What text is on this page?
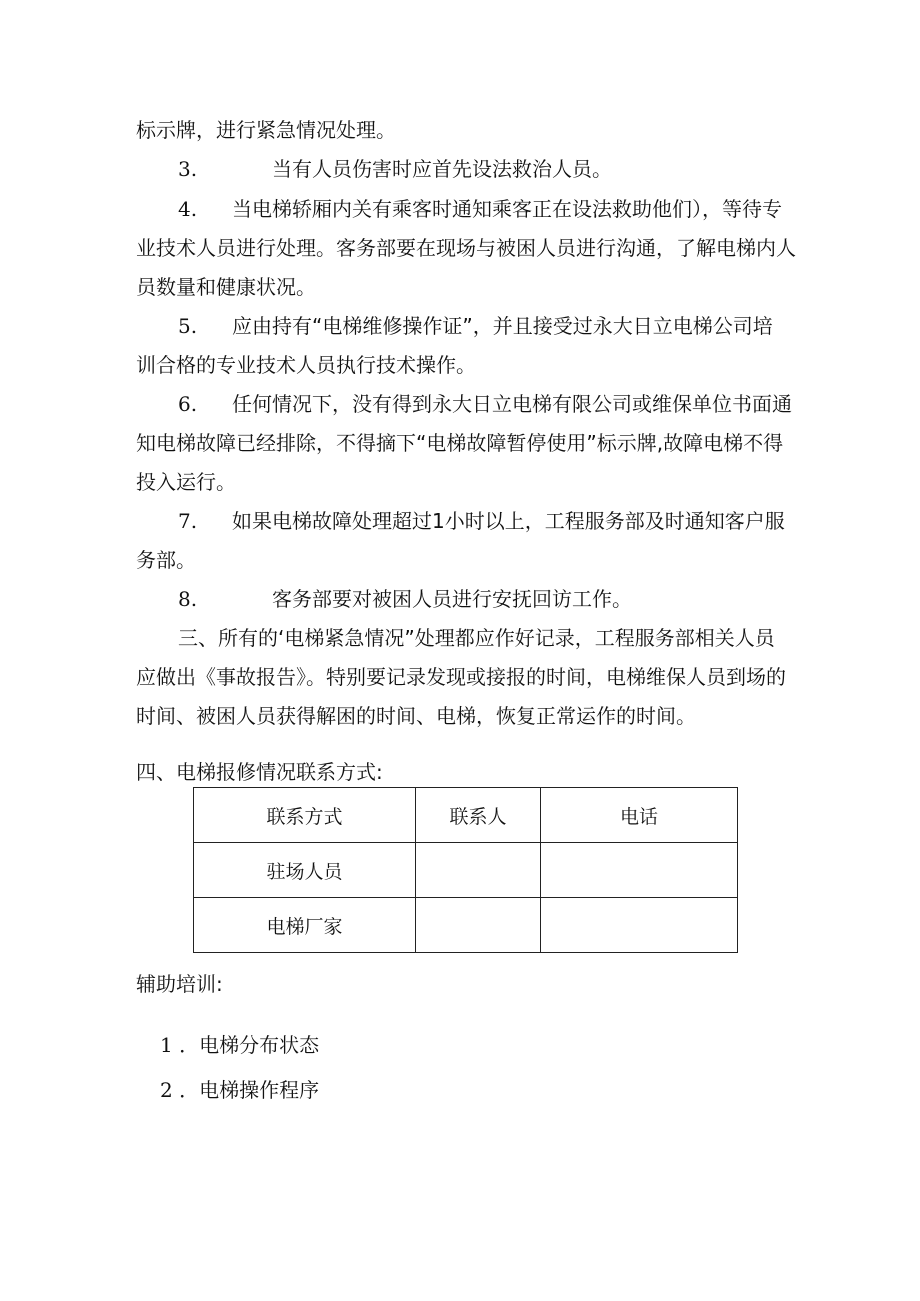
标示牌，进行紧急情况处理。
3.	当有人员伤害时应首先设法救治人员。
4. 当电梯轿厢内关有乘客时通知乘客正在设法救助他们），等待专
业技术人员进行处理。客务部要在现场与被困人员进行沟通，了解电梯内人
员数量和健康状况。
5. 应由持有“电梯维修操作证”，并且接受过永大日立电梯公司培
训合格的专业技术人员执行技术操作。
6. 任何情况下，没有得到永大日立电梯有限公司或维保单位书面通
知电梯故障已经排除，不得摘下“电梯故障暂停使用”标示牌,故障电梯不得
投入运行。
7. 如果电梯故障处理超过1小时以上，工程服务部及时通知客户服
务部。
8.	客务部要对被困人员进行安抚回访工作。
三、所有的‘电梯紧急情况”处理都应作好记录，工程服务部相关人员
应做出《事故报告》。特别要记录发现或接报的时间，电梯维保人员到场的
时间、被困人员获得解困的时间、电梯，恢复正常运作的时间。
四、电梯报修情况联系方式:
联系方式	联系人	电话
驻场人员		
电梯厂家		
辅助培训:
1 ．电梯分布状态
2 ．电梯操作程序
